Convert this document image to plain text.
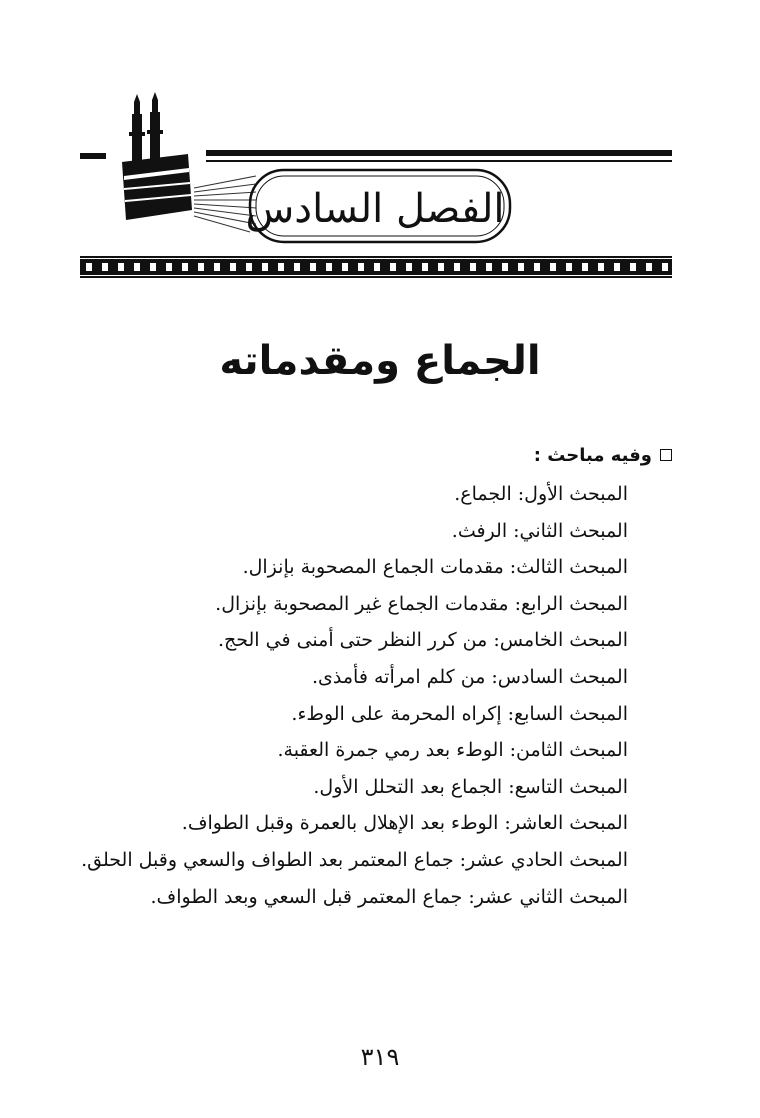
الفصل السادس
الجماع ومقدماته
وفيه مباحث :
المبحث الأول:الجماع.
المبحث الثاني:الرفث.
المبحث الثالث:مقدمات الجماع المصحوبة بإنزال.
المبحث الرابع:مقدمات الجماع غير المصحوبة بإنزال.
المبحث الخامس:من كرر النظر حتى أمنى في الحج.
المبحث السادس:من كلم امرأته فأمذى.
المبحث السابع:إكراه المحرمة على الوطء.
المبحث الثامن:الوطء بعد رمي جمرة العقبة.
المبحث التاسع:الجماع بعد التحلل الأول.
المبحث العاشر:الوطء بعد الإهلال بالعمرة وقبل الطواف.
المبحث الحادي عشر:جماع المعتمر بعد الطواف والسعي وقبل الحلق.
المبحث الثاني عشر:جماع المعتمر قبل السعي وبعد الطواف.
٣١٩
